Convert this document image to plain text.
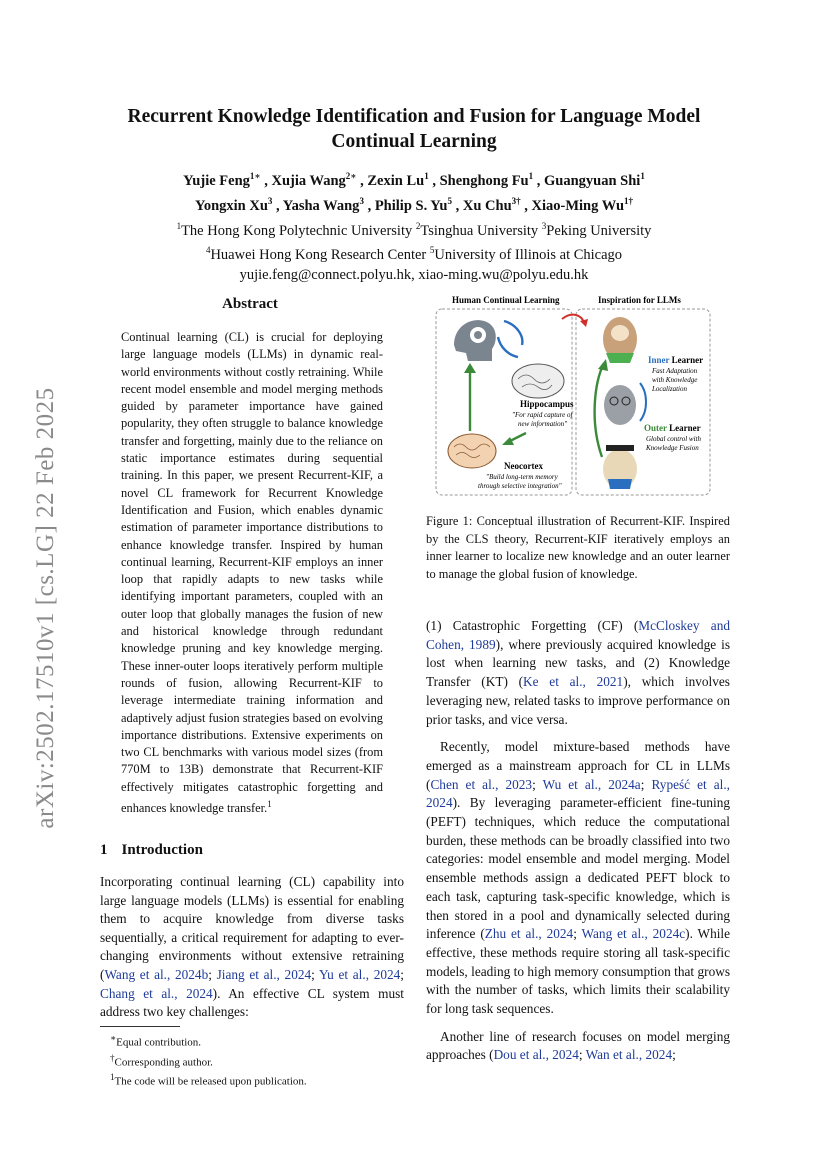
arXiv:2502.17510v1 [cs.LG] 22 Feb 2025
Recurrent Knowledge Identification and Fusion for Language Model Continual Learning
Yujie Feng$^{1∗}$ , Xujia Wang$^{2∗}$ , Zexin Lu$^1$ , Shenghong Fu$^1$ , Guangyuan Shi$^1$
Yongxin Xu$^3$ , Yasha Wang$^3$ , Philip S. Yu$^5$ , Xu Chu$^{3\dagger}$ , Xiao-Ming $Wu^{1\dagger}$
$^1$The Hong Kong Polytechnic University $^2$Tsinghua University $^3$Peking University
$^4$Huawei Hong Kong Research Center $^5$University of Illinois at Chicago
yujie.feng@connect.polyu.hk, xiao-ming.wu@polyu.edu.hk
Abstract
Continual learning (CL) is crucial for deploying large language models (LLMs) in dynamic real-world environments without costly retraining. While recent model ensemble and model merging methods guided by parameter importance have gained popularity, they often struggle to balance knowledge transfer and forgetting, mainly due to the reliance on static importance estimates during sequential training. In this paper, we present Recurrent-KIF, a novel CL framework for Recurrent Knowledge Identification and Fusion, which enables dynamic estimation of parameter importance distributions to enhance knowledge transfer. Inspired by human continual learning, Recurrent-KIF employs an inner loop that rapidly adapts to new tasks while identifying important parameters, coupled with an outer loop that globally manages the fusion of new and historical knowledge through redundant knowledge pruning and key knowledge merging. These inner-outer loops iteratively perform multiple rounds of fusion, allowing Recurrent-KIF to leverage intermediate training information and adaptively adjust fusion strategies based on evolving importance distributions. Extensive experiments on two CL benchmarks with various model sizes (from 770M to 13B) demonstrate that Recurrent-KIF effectively mitigates catastrophic forgetting and enhances knowledge transfer.$^1$
1 Introduction
Incorporating continual learning (CL) capability into large language models (LLMs) is essential for enabling them to acquire knowledge from diverse tasks sequentially, a critical requirement for adapting to ever-changing environments without extensive retraining (Wang et al., 2024b; Jiang et al., 2024; Yu et al., 2024; Chang et al., 2024). An effective CL system must address two key challenges:
∗Equal contribution.
†Corresponding author.
$^1$The code will be released upon publication.
Human Continual Learning	Inspiration for LLMs
Hippocampus
"For rapid capture of
new information"
Neocortex
"Build long-term memory
through selective integration"
Inner Learner
Fast Adaptation
with Knowledge
Localization
Outer Learner
Global control with
Knowledge Fusion
Figure 1: Conceptual illustration of Recurrent-KIF. Inspired by the CLS theory, Recurrent-KIF iteratively employs an inner learner to localize new knowledge and an outer learner to manage the global fusion of knowledge.

(1) Catastrophic Forgetting (CF) (McCloskey and Cohen, 1989), where previously acquired knowledge is lost when learning new tasks, and (2) Knowledge Transfer (KT) (Ke et al., 2021), which involves leveraging new, related tasks to improve performance on prior tasks, and vice versa.

Recently, model mixture-based methods have emerged as a mainstream approach for CL in LLMs (Chen et al., 2023; Wu et al., 2024a; Rypeść et al., 2024). By leveraging parameter-efficient fine-tuning (PEFT) techniques, which reduce the computational burden, these methods can be broadly classified into two categories: model ensemble and model merging. Model ensemble methods assign a dedicated PEFT block to each task, capturing task-specific knowledge, which is then stored in a pool and dynamically selected during inference (Zhu et al., 2024; Wang et al., 2024c). While effective, these methods require storing all task-specific models, leading to high memory consumption that grows with the number of tasks, which limits their scalability for long task sequences.

Another line of research focuses on model merging approaches (Dou et al., 2024; Wan et al., 2024;
